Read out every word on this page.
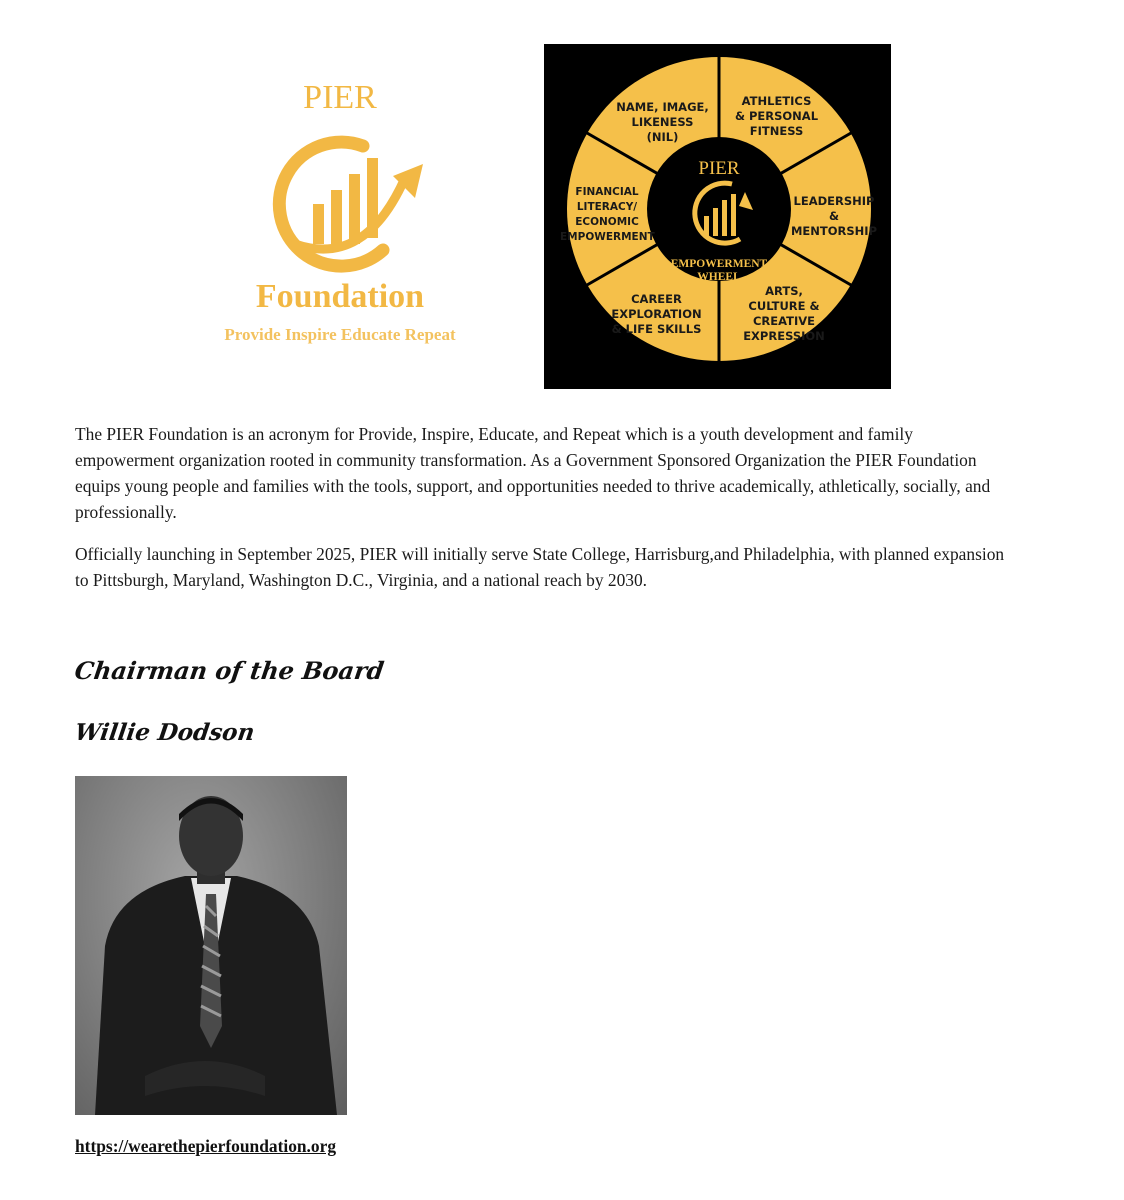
PIER
Foundation
Provide Inspire Educate Repeat
NAME, IMAGE,
LIKENESS
(NIL)
ATHLETICS
& PERSONAL
FITNESS
LEADERSHIP
&
MENTORSHIP
ARTS,
CULTURE &
CREATIVE
EXPRESSION
CAREER
EXPLORATION
& LIFE SKILLS
FINANCIAL
LITERACY/
ECONOMIC
EMPOWERMENT
PIER
EMPOWERMENT
WHEEL

The PIER Foundation is an acronym for Provide, Inspire, Educate, and Repeat which is a youth development and family empowerment organization rooted in community transformation. As a Government Sponsored Organization the PIER Foundation equips young people and families with the tools, support, and opportunities needed to thrive academically, athletically, socially, and professionally.

Officially launching in September 2025, PIER will initially serve State College, Harrisburg,and Philadelphia, with planned expansion to Pittsburgh, Maryland, Washington D.C., Virginia, and a national reach by 2030.

Chairman of the Board
Willie Dodson
https://wearethepierfoundation.org
